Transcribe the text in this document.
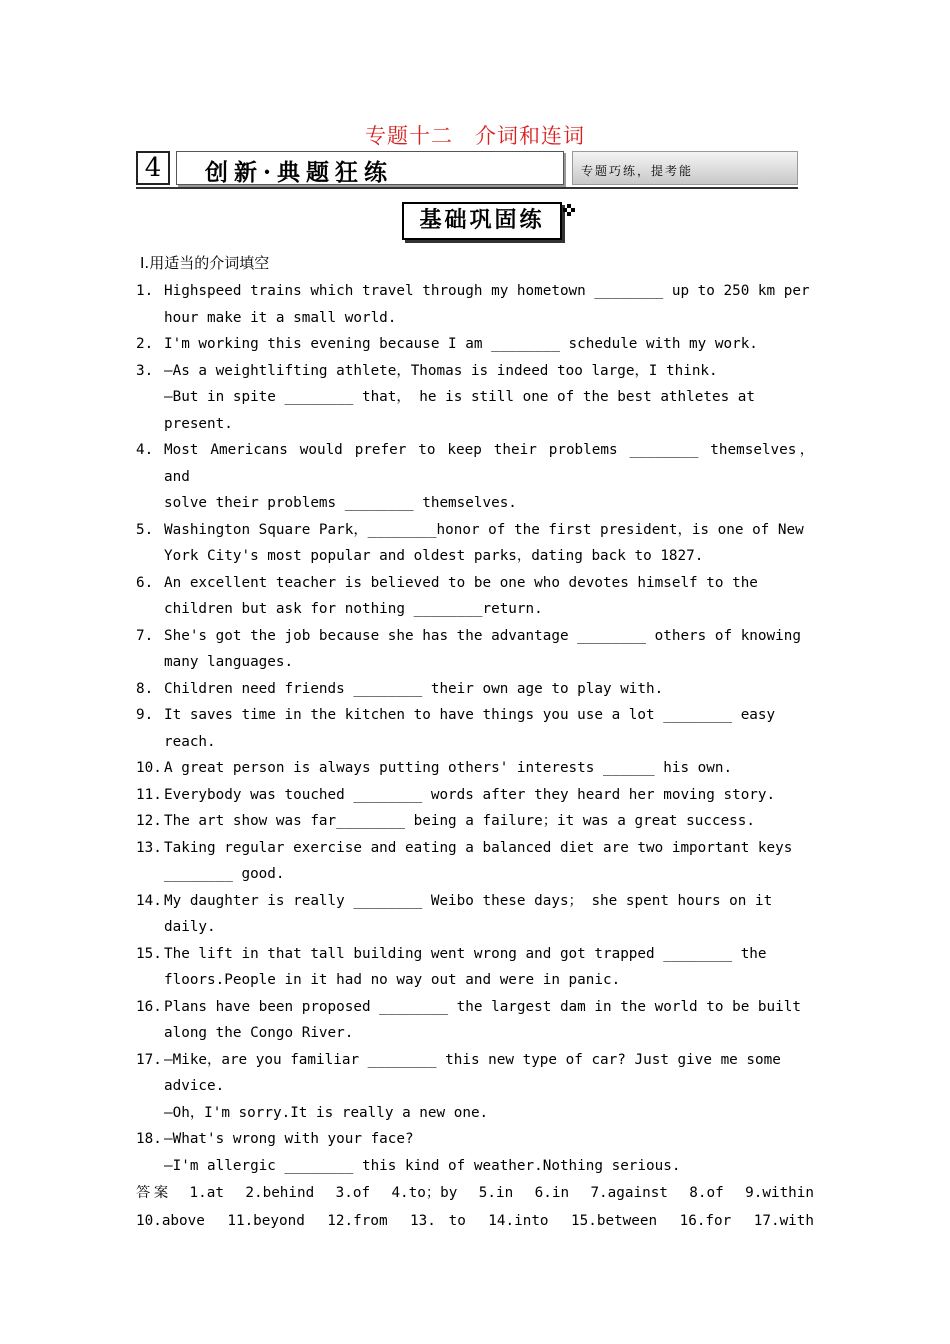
专题十二　介词和连词
4	创新·典题狂练	专题巧练，提考能
基础巩固练
Ⅰ.用适当的介词填空
1. Highspeed trains which travel through my hometown ________ up to 250 km per
hour make it a small world.
2. I'm working this evening because I am ________ schedule with my work.
3. —As a weightlifting athlete，Thomas is indeed too large，I think.
—But in spite ________ that， he is still one of the best athletes at
present.
4. Most Americans would prefer to keep their problems ________ themselves， and
solve their problems ________ themselves.
5. Washington Square Park，________honor of the first president，is one of New
York City's most popular and oldest parks，dating back to 1827.
6. An excellent teacher is believed to be one who devotes himself to the
children but ask for nothing ________return.
7. She's got the job because she has the advantage ________ others of knowing
many languages.
8. Children need friends ________ their own age to play with.
9. It saves time in the kitchen to have things you use a lot ________ easy
reach.
10. A great person is always putting others' interests ______ his own.
11. Everybody was touched ________ words after they heard her moving story.
12. The art show was far________ being a failure；it was a great success.
13. Taking regular exercise and eating a balanced diet are two important keys
________ good.
14. My daughter is really ________ Weibo these days； she spent hours on it
daily.
15. The lift in that tall building went wrong and got trapped ________ the
floors.People in it had no way out and were in panic.
16. Plans have been proposed ________ the largest dam in the world to be built
along the Congo River.
17. —Mike，are you familiar ________ this new type of car? Just give me some
advice.
—Oh，I'm sorry.It is really a new one.
18. —What's wrong with your face?
—I'm allergic ________ this kind of weather.Nothing serious.
答案　1.at　2.behind　3.of　4.to；by　5.in　6.in　7.against　8.of　9.within
10.above　11.beyond　12.from　13. to　14.into　15.between　16.for　17.with
